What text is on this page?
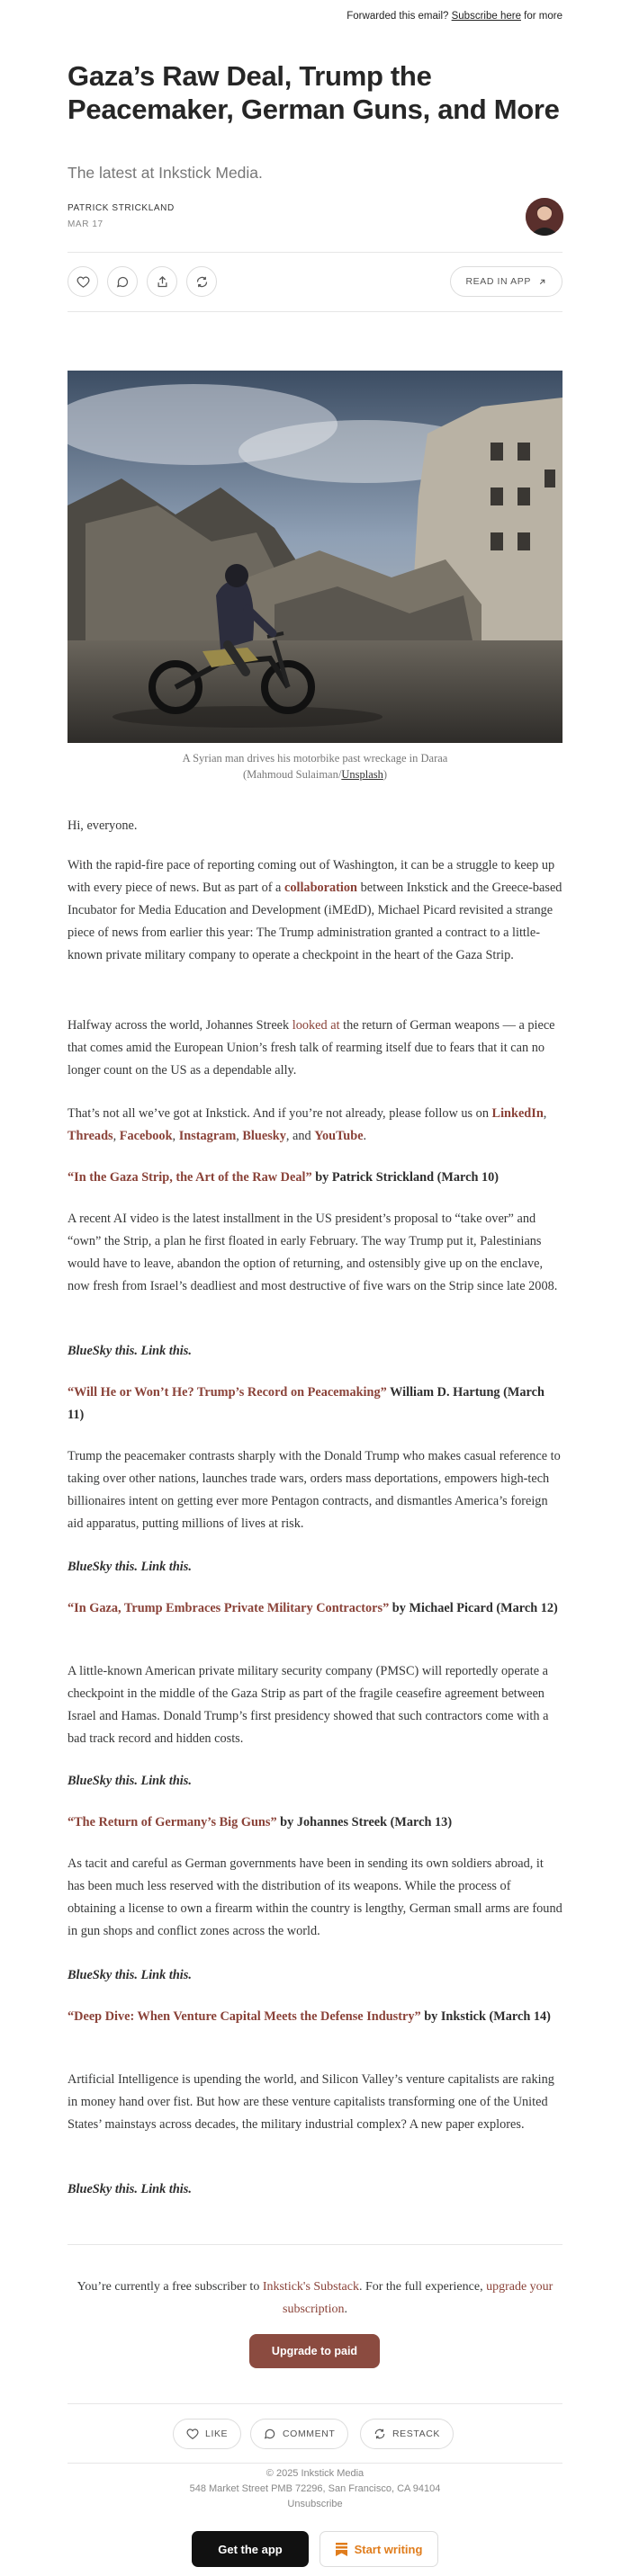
Forwarded this email? Subscribe here for more
Gaza’s Raw Deal, Trump the Peacemaker, German Guns, and More
The latest at Inkstick Media.
PATRICK STRICKLAND
MAR 17
READ IN APP
A Syrian man drives his motorbike past wreckage in Daraa
(Mahmoud Sulaiman/Unsplash)
Hi, everyone.
With the rapid-fire pace of reporting coming out of Washington, it can be a struggle to keep up with every piece of news. But as part of a collaboration between Inkstick and the Greece-based Incubator for Media Education and Development (iMEdD), Michael Picard revisited a strange piece of news from earlier this year: The Trump administration granted a contract to a little-known private military company to operate a checkpoint in the heart of the Gaza Strip.
Halfway across the world, Johannes Streek looked at the return of German weapons — a piece that comes amid the European Union’s fresh talk of rearming itself due to fears that it can no longer count on the US as a dependable ally.
That’s not all we’ve got at Inkstick. And if you’re not already, please follow us on LinkedIn, Threads, Facebook, Instagram, Bluesky, and YouTube.
“In the Gaza Strip, the Art of the Raw Deal” by Patrick Strickland (March 10)
A recent AI video is the latest installment in the US president’s proposal to “take over” and “own” the Strip, a plan he first floated in early February. The way Trump put it, Palestinians would have to leave, abandon the option of returning, and ostensibly give up on the enclave, now fresh from Israel’s deadliest and most destructive of five wars on the Strip since late 2008.
BlueSky this. Link this.
“Will He or Won’t He? Trump’s Record on Peacemaking” William D. Hartung (March 11)
Trump the peacemaker contrasts sharply with the Donald Trump who makes casual reference to taking over other nations, launches trade wars, orders mass deportations, empowers high-tech billionaires intent on getting ever more Pentagon contracts, and dismantles America’s foreign aid apparatus, putting millions of lives at risk.
BlueSky this. Link this.
“In Gaza, Trump Embraces Private Military Contractors” by Michael Picard (March 12)
A little-known American private military security company (PMSC) will reportedly operate a checkpoint in the middle of the Gaza Strip as part of the fragile ceasefire agreement between Israel and Hamas. Donald Trump’s first presidency showed that such contractors come with a bad track record and hidden costs.
BlueSky this. Link this.
“The Return of Germany’s Big Guns” by Johannes Streek (March 13)
As tacit and careful as German governments have been in sending its own soldiers abroad, it has been much less reserved with the distribution of its weapons. While the process of obtaining a license to own a firearm within the country is lengthy, German small arms are found in gun shops and conflict zones across the world.
BlueSky this. Link this.
“Deep Dive: When Venture Capital Meets the Defense Industry” by Inkstick (March 14)
Artificial Intelligence is upending the world, and Silicon Valley’s venture capitalists are raking in money hand over fist. But how are these venture capitalists transforming one of the United States’ mainstays across decades, the military industrial complex? A new paper explores.
BlueSky this. Link this.
You’re currently a free subscriber to Inkstick's Substack. For the full experience, upgrade your subscription.
Upgrade to paid
LIKE	COMMENT	RESTACK
© 2025 Inkstick Media
548 Market Street PMB 72296, San Francisco, CA 94104
Unsubscribe
Get the app	Start writing
